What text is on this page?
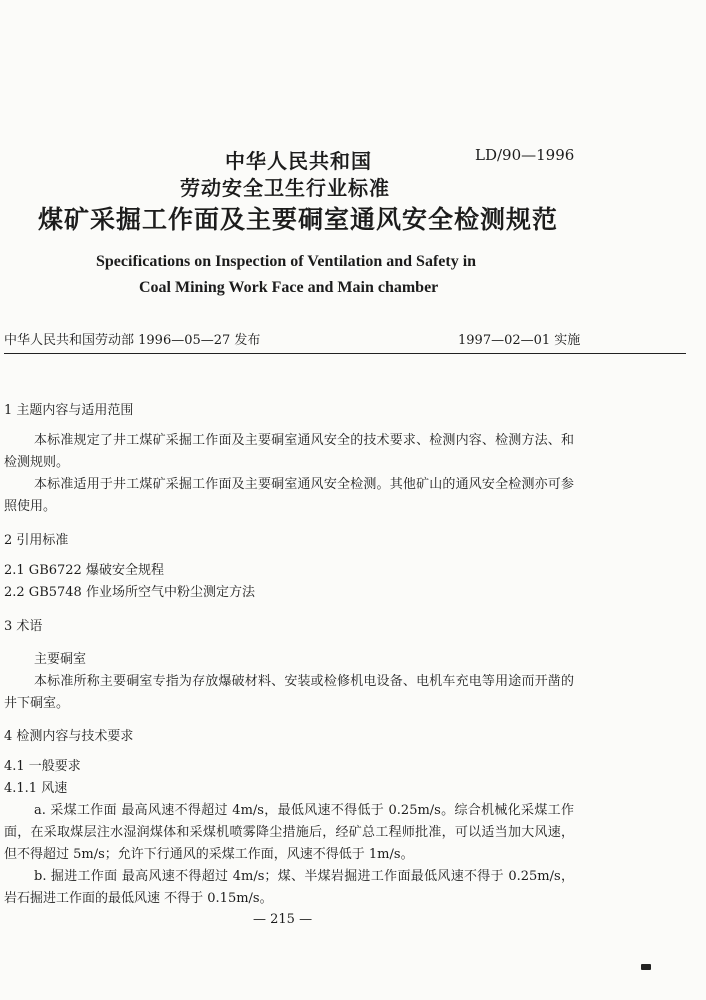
中华人民共和国	LD/90—1996
劳动安全卫生行业标准
煤矿采掘工作面及主要硐室通风安全检测规范
Specifications on Inspection of Ventilation and Safety in
Coal Mining Work Face and Main chamber
中华人民共和国劳动部 1996—05—27 发布	1997—02—01 实施
1 主题内容与适用范围
本标准规定了井工煤矿采掘工作面及主要硐室通风安全的技术要求、检测内容、检测方法、和检测规则。
本标准适用于井工煤矿采掘工作面及主要硐室通风安全检测。其他矿山的通风安全检测亦可参照使用。
2 引用标准
2.1 GB6722 爆破安全规程
2.2 GB5748 作业场所空气中粉尘测定方法
3 术语
主要硐室
本标准所称主要硐室专指为存放爆破材料、安装或检修机电设备、电机车充电等用途而开凿的井下硐室。
4 检测内容与技术要求
4.1 一般要求
4.1.1 风速
a. 采煤工作面 最高风速不得超过 4m/s，最低风速不得低于 0.25m/s。综合机械化采煤工作面，在采取煤层注水湿润煤体和采煤机喷雾降尘措施后，经矿总工程师批准，可以适当加大风速，但不得超过 5m/s；允许下行通风的采煤工作面，风速不得低于 1m/s。
b. 掘进工作面 最高风速不得超过 4m/s；煤、半煤岩掘进工作面最低风速不得于 0.25m/s，岩石掘进工作面的最低风速 不得于 0.15m/s。
— 215 —
